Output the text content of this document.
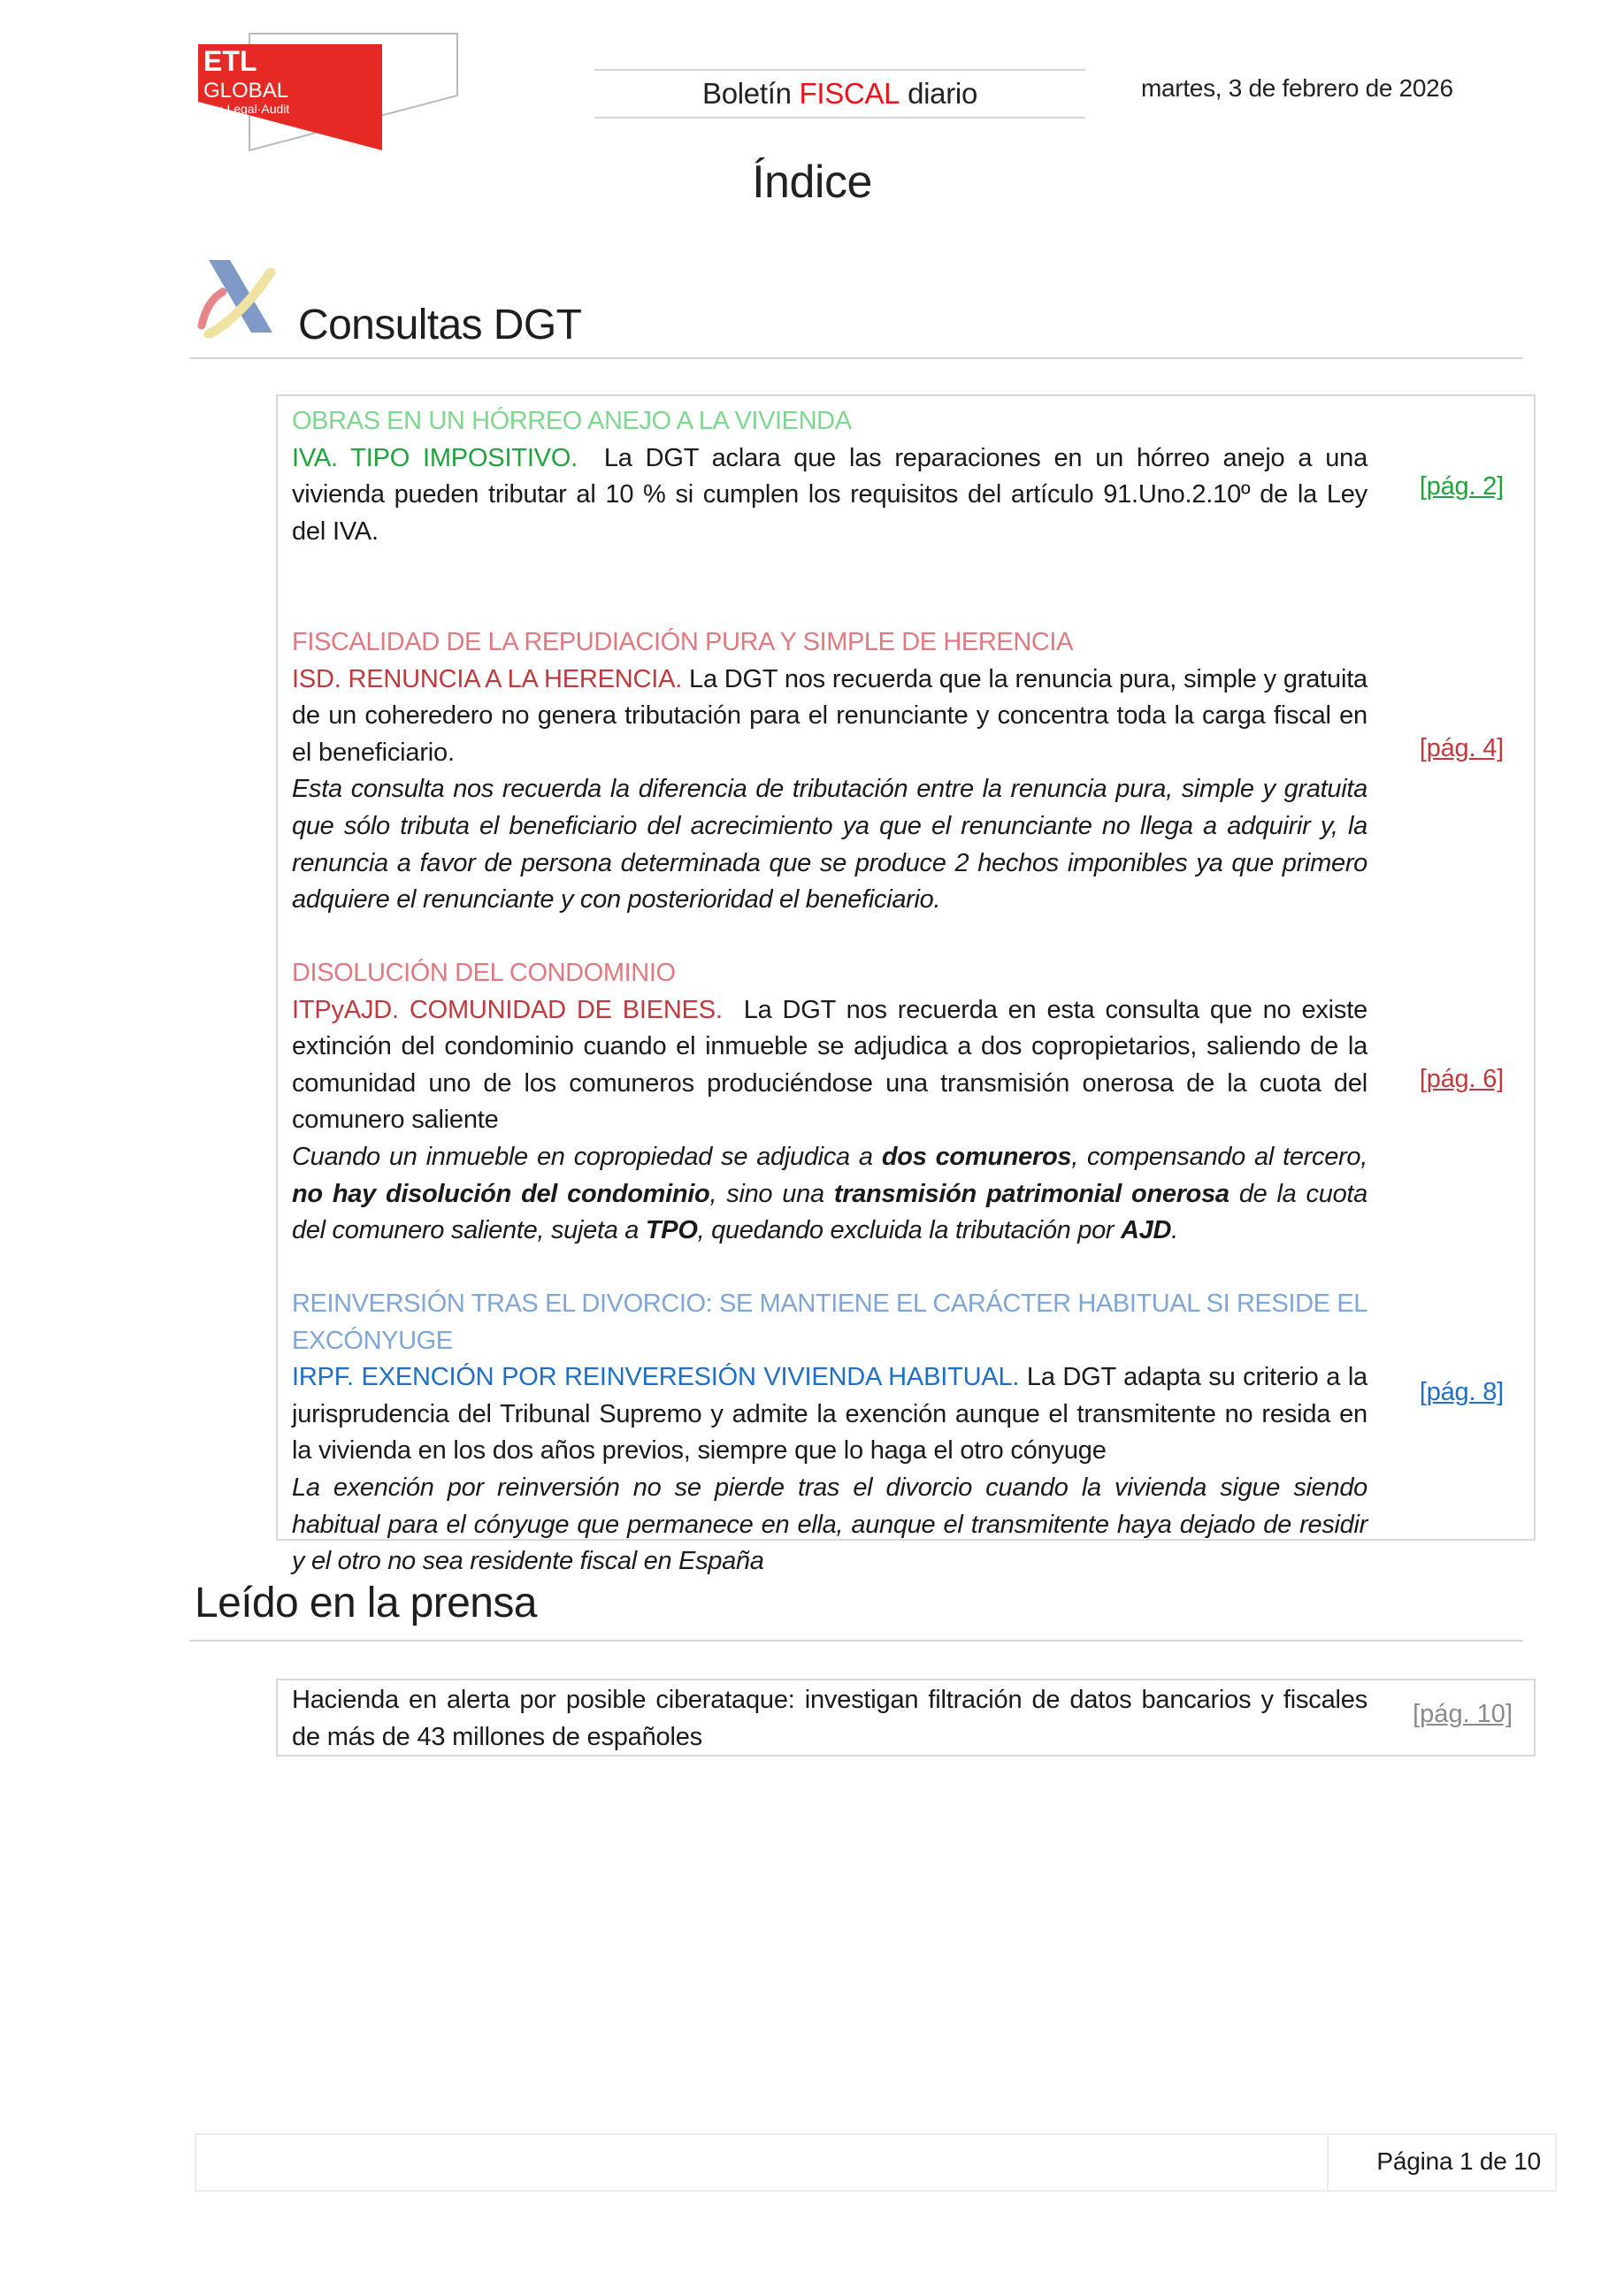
ETL
GLOBAL
Tax·Legal·Audit	Boletín FISCAL diario	martes, 3 de febrero de 2026
Índice
Consultas DGT
OBRAS EN UN HÓRREO ANEJO A LA VIVIENDA
IVA. TIPO IMPOSITIVO.  La DGT aclara que las reparaciones en un hórreo anejo a una vivienda pueden tributar al 10 % si cumplen los requisitos del artículo 91.Uno.2.10º de la Ley del IVA.
[pág. 2]
FISCALIDAD DE LA REPUDIACIÓN PURA Y SIMPLE DE HERENCIA
ISD. RENUNCIA A LA HERENCIA. La DGT nos recuerda que la renuncia pura, simple y gratuita de un coheredero no genera tributación para el renunciante y concentra toda la carga fiscal en el beneficiario.
Esta consulta nos recuerda la diferencia de tributación entre la renuncia pura, simple y gratuita que sólo tributa el beneficiario del acrecimiento ya que el renunciante no llega a adquirir y, la renuncia a favor de persona determinada que se produce 2 hechos imponibles ya que primero adquiere el renunciante y con posterioridad el beneficiario.
[pág. 4]
DISOLUCIÓN DEL CONDOMINIO
ITPyAJD. COMUNIDAD DE BIENES.  La DGT nos recuerda en esta consulta que no existe extinción del condominio cuando el inmueble se adjudica a dos copropietarios, saliendo de la comunidad uno de los comuneros produciéndose una transmisión onerosa de la cuota del comunero saliente
Cuando un inmueble en copropiedad se adjudica a dos comuneros, compensando al tercero, no hay disolución del condominio, sino una transmisión patrimonial onerosa de la cuota del comunero saliente, sujeta a TPO, quedando excluida la tributación por AJD.
[pág. 6]
REINVERSIÓN TRAS EL DIVORCIO: SE MANTIENE EL CARÁCTER HABITUAL SI RESIDE EL EXCÓNYUGE
IRPF. EXENCIÓN POR REINVERESIÓN VIVIENDA HABITUAL. La DGT adapta su criterio a la jurisprudencia del Tribunal Supremo y admite la exención aunque el transmitente no resida en la vivienda en los dos años previos, siempre que lo haga el otro cónyuge
La exención por reinversión no se pierde tras el divorcio cuando la vivienda sigue siendo habitual para el cónyuge que permanece en ella, aunque el transmitente haya dejado de residir y el otro no sea residente fiscal en España
[pág. 8]
Leído en la prensa
Hacienda en alerta por posible ciberataque: investigan filtración de datos bancarios y fiscales de más de 43 millones de españoles
[pág. 10]
Página 1 de 10
